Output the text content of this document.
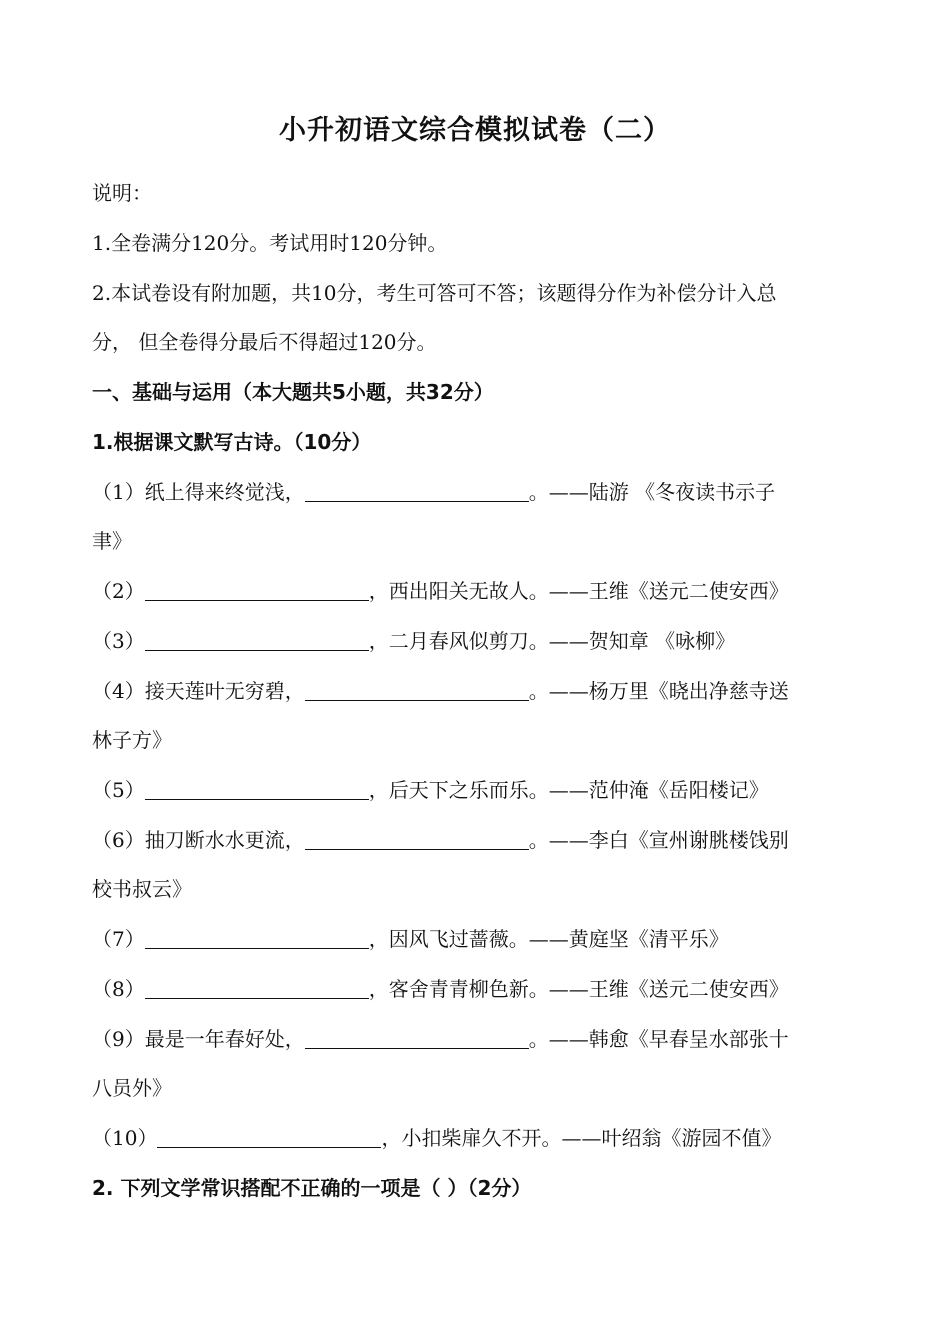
小升初语文综合模拟试卷（二）
说明：
1.全卷满分120分。考试用时120分钟。
2.本试卷设有附加题，共10分，考生可答可不答；该题得分作为补偿分计入总
分， 但全卷得分最后不得超过120分。
一、基础与运用（本大题共5小题，共32分）
1.根据课文默写古诗。（10分）
（1）纸上得来终觉浅，	。——陆游 《冬夜读书示子
聿》
（2）	，西出阳关无故人。——王维《送元二使安西》
（3）	，二月春风似剪刀。——贺知章 《咏柳》
（4）接天莲叶无穷碧，	。——杨万里《晓出净慈寺送
林子方》
（5）	，后天下之乐而乐。——范仲淹《岳阳楼记》
（6）抽刀断水水更流，	。——李白《宣州谢朓楼饯别
校书叔云》
（7）	，因风飞过蔷薇。——黄庭坚《清平乐》
（8）	，客舍青青柳色新。——王维《送元二使安西》
（9）最是一年春好处，	。——韩愈《早春呈水部张十
八员外》
（10）	，小扣柴扉久不开。——叶绍翁《游园不值》
2. 下列文学常识搭配不正确的一项是（ ）（2分）
